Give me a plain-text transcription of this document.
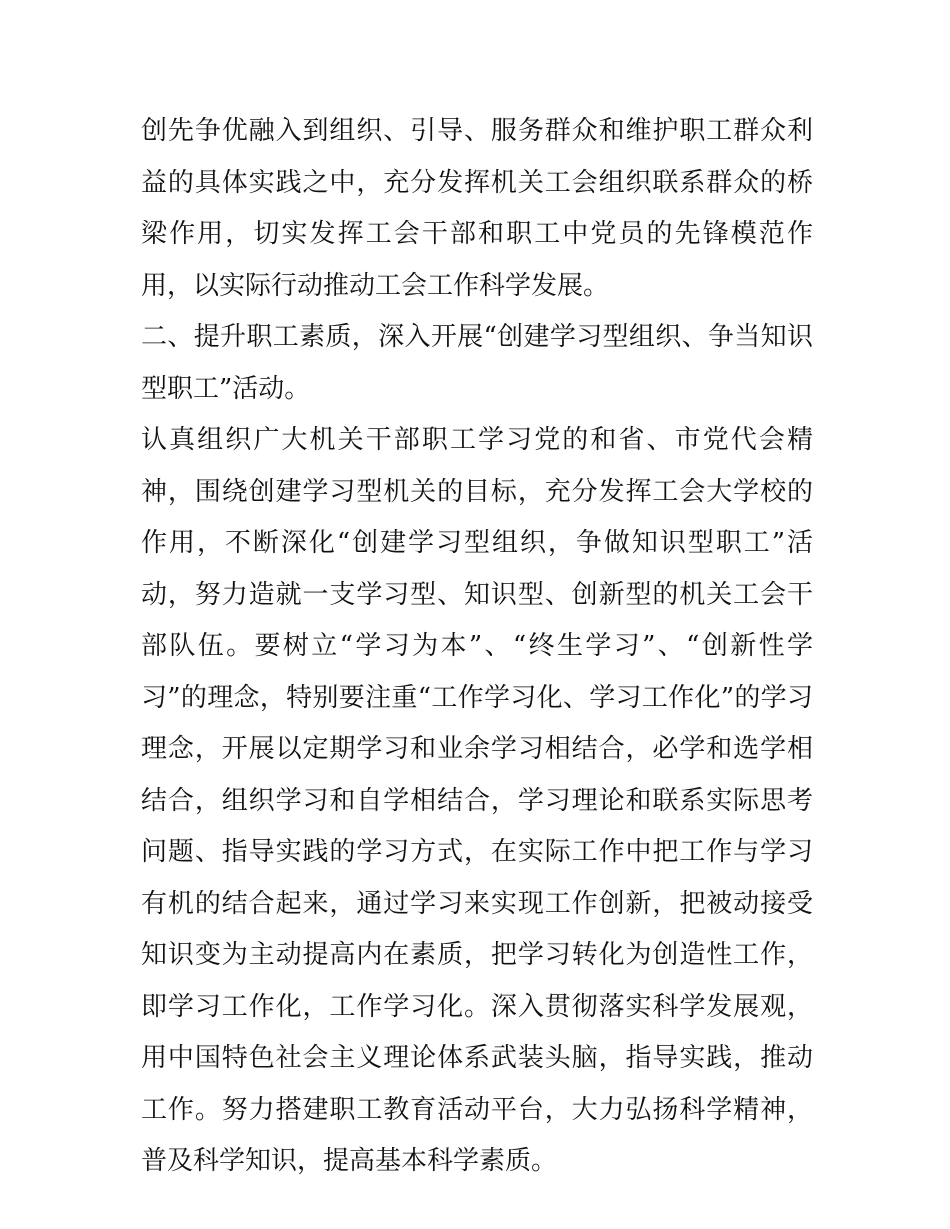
创先争优融入到组织、引导、服务群众和维护职工群众利益的具体实践之中，充分发挥机关工会组织联系群众的桥梁作用，切实发挥工会干部和职工中党员的先锋模范作用，以实际行动推动工会工作科学发展。

二、提升职工素质，深入开展“创建学习型组织、争当知识型职工”活动。

认真组织广大机关干部职工学习党的和省、市党代会精神，围绕创建学习型机关的目标，充分发挥工会大学校的作用，不断深化“创建学习型组织，争做知识型职工”活动，努力造就一支学习型、知识型、创新型的机关工会干部队伍。要树立“学习为本”、“终生学习”、“创新性学习”的理念，特别要注重“工作学习化、学习工作化”的学习理念，开展以定期学习和业余学习相结合，必学和选学相结合，组织学习和自学相结合，学习理论和联系实际思考问题、指导实践的学习方式，在实际工作中把工作与学习有机的结合起来，通过学习来实现工作创新，把被动接受知识变为主动提高内在素质，把学习转化为创造性工作，即学习工作化，工作学习化。深入贯彻落实科学发展观，用中国特色社会主义理论体系武装头脑，指导实践，推动工作。努力搭建职工教育活动平台，大力弘扬科学精神，普及科学知识，提高基本科学素质。
